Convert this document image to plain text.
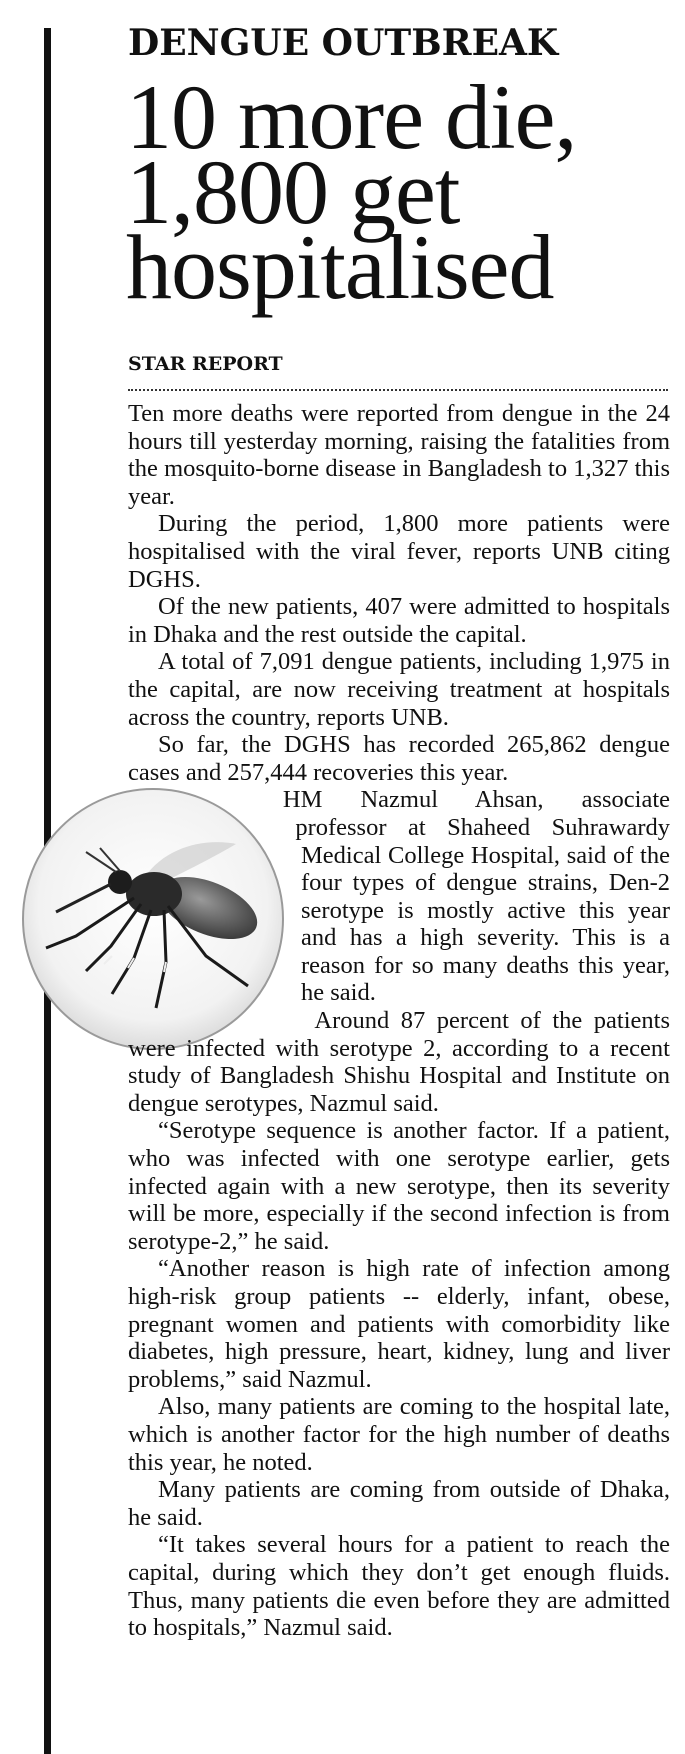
DENGUE OUTBREAK
10 more die, 1,800 get hospitalised
STAR REPORT

Ten more deaths were reported from dengue in the 24 hours till yesterday morning, raising the fatalities from the mosquito-borne disease in Bangladesh to 1,327 this year.

During the period, 1,800 more patients were hospitalised with the viral fever, reports UNB citing DGHS.

Of the new patients, 407 were admitted to hospitals in Dhaka and the rest outside the capital.

A total of 7,091 dengue patients, including 1,975 in the capital, are now receiving treatment at hospitals across the country, reports UNB.

So far, the DGHS has recorded 265,862 dengue cases and 257,444 recoveries this year.

HM Nazmul Ahsan, associate professor at Shaheed Suhrawardy Medical College Hospital, said of the four types of dengue strains, Den-2 serotype is mostly active this year and has a high severity. This is a reason for so many deaths this year, he said.

Around 87 percent of the patients were infected with serotype 2, according to a recent study of Bangladesh Shishu Hospital and Institute on dengue serotypes, Nazmul said.

“Serotype sequence is another factor. If a patient, who was infected with one serotype earlier, gets infected again with a new serotype, then its severity will be more, especially if the second infection is from serotype-2,” he said.

“Another reason is high rate of infection among high-risk group patients -- elderly, infant, obese, pregnant women and patients with comorbidity like diabetes, high pressure, heart, kidney, lung and liver problems,” said Nazmul.

Also, many patients are coming to the hospital late, which is another factor for the high number of deaths this year, he noted.

Many patients are coming from outside of Dhaka, he said.

“It takes several hours for a patient to reach the capital, during which they don’t get enough fluids. Thus, many patients die even before they are admitted to hospitals,” Nazmul said.
